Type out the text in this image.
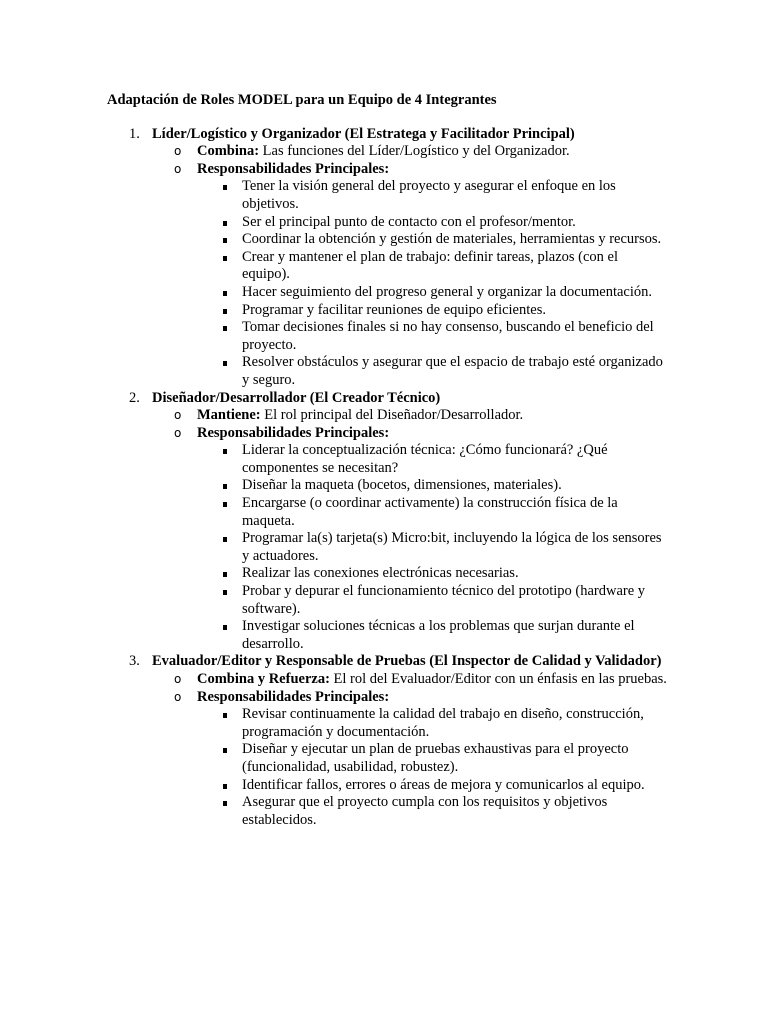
Adaptación de Roles MODEL para un Equipo de 4 Integrantes
1. Líder/Logístico y Organizador (El Estratega y Facilitador Principal)
o Combina: Las funciones del Líder/Logístico y del Organizador.
o Responsabilidades Principales:
Tener la visión general del proyecto y asegurar el enfoque en los objetivos.
Ser el principal punto de contacto con el profesor/mentor.
Coordinar la obtención y gestión de materiales, herramientas y recursos.
Crear y mantener el plan de trabajo: definir tareas, plazos (con el equipo).
Hacer seguimiento del progreso general y organizar la documentación.
Programar y facilitar reuniones de equipo eficientes.
Tomar decisiones finales si no hay consenso, buscando el beneficio del proyecto.
Resolver obstáculos y asegurar que el espacio de trabajo esté organizado y seguro.
2. Diseñador/Desarrollador (El Creador Técnico)
o Mantiene: El rol principal del Diseñador/Desarrollador.
o Responsabilidades Principales:
Liderar la conceptualización técnica: ¿Cómo funcionará? ¿Qué componentes se necesitan?
Diseñar la maqueta (bocetos, dimensiones, materiales).
Encargarse (o coordinar activamente) la construcción física de la maqueta.
Programar la(s) tarjeta(s) Micro:bit, incluyendo la lógica de los sensores y actuadores.
Realizar las conexiones electrónicas necesarias.
Probar y depurar el funcionamiento técnico del prototipo (hardware y software).
Investigar soluciones técnicas a los problemas que surjan durante el desarrollo.
3. Evaluador/Editor y Responsable de Pruebas (El Inspector de Calidad y Validador)
o Combina y Refuerza: El rol del Evaluador/Editor con un énfasis en las pruebas.
o Responsabilidades Principales:
Revisar continuamente la calidad del trabajo en diseño, construcción, programación y documentación.
Diseñar y ejecutar un plan de pruebas exhaustivas para el proyecto (funcionalidad, usabilidad, robustez).
Identificar fallos, errores o áreas de mejora y comunicarlos al equipo.
Asegurar que el proyecto cumpla con los requisitos y objetivos establecidos.
